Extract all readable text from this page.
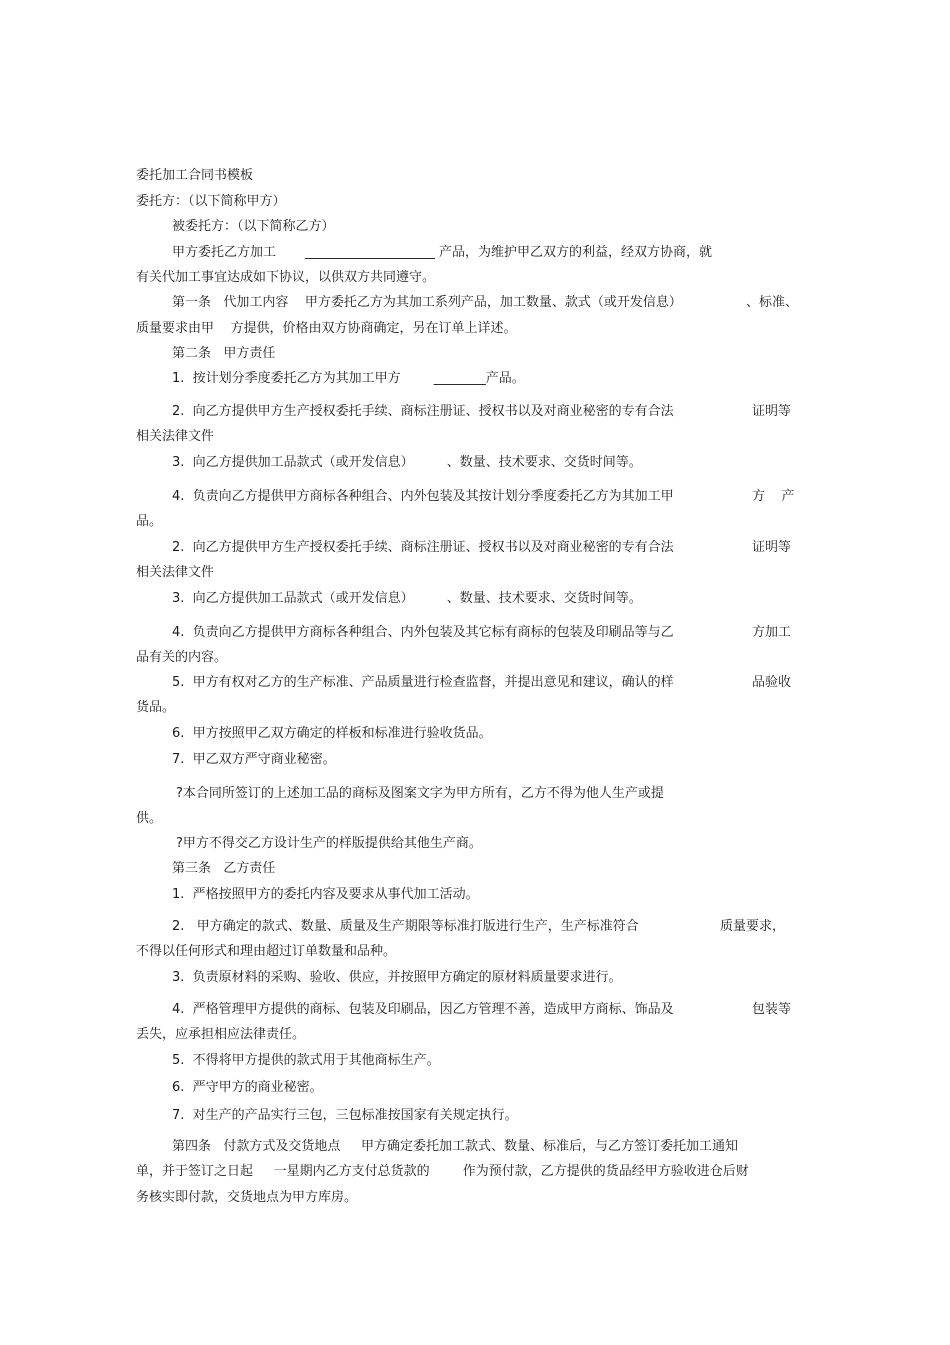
委托加工合同书模板
委托方：（以下简称甲方）
被委托方：（以下简称乙方）
甲方委托乙方加工       ____________________ 产品，为维护甲乙双方的利益，经双方协商，就
有关代加工事宜达成如下协议，以供双方共同遵守。
第一条   代加工内容    甲方委托乙方为其加工系列产品，加工数量、款式（或开发信息）	、标准、
质量要求由甲    方提供，价格由双方协商确定，另在订单上详述。
第二条   甲方责任
1.  按计划分季度委托乙方为其加工甲方        ________产品。
2.  向乙方提供甲方生产授权委托手续、商标注册证、授权书以及对商业秘密的专有合法	证明等
相关法律文件
3.  向乙方提供加工品款式（或开发信息）        、数量、技术要求、交货时间等。
4.  负责向乙方提供甲方商标各种组合、内外包装及其按计划分季度委托乙方为其加工甲	方    产
品。
2.  向乙方提供甲方生产授权委托手续、商标注册证、授权书以及对商业秘密的专有合法	证明等
相关法律文件
3.  向乙方提供加工品款式（或开发信息）        、数量、技术要求、交货时间等。
4.  负责向乙方提供甲方商标各种组合、内外包装及其它标有商标的包装及印刷品等与乙	方加工
品有关的内容。
5.  甲方有权对乙方的生产标准、产品质量进行检查监督，并提出意见和建议，确认的样	品验收
货品。
6.  甲方按照甲乙双方确定的样板和标准进行验收货品。
7.  甲乙双方严守商业秘密。
?本合同所签订的上述加工品的商标及图案文字为甲方所有，乙方不得为他人生产或提
供。
?甲方不得交乙方设计生产的样版提供给其他生产商。
第三条   乙方责任
1.  严格按照甲方的委托内容及要求从事代加工活动。
2.   甲方确定的款式、数量、质量及生产期限等标准打版进行生产，生产标准符合	质量要求，
不得以任何形式和理由超过订单数量和品种。
3.  负责原材料的采购、验收、供应，并按照甲方确定的原材料质量要求进行。
4.  严格管理甲方提供的商标、包装及印刷品，因乙方管理不善，造成甲方商标、饰品及	包装等
丢失，应承担相应法律责任。
5.  不得将甲方提供的款式用于其他商标生产。
6.  严守甲方的商业秘密。
7.  对生产的产品实行三包，三包标准按国家有关规定执行。
第四条   付款方式及交货地点     甲方确定委托加工款式、数量、标准后，与乙方签订委托加工通知
单，并于签订之日起     一星期内乙方支付总货款的        作为预付款，乙方提供的货品经甲方验收进仓后财
务核实即付款，交货地点为甲方库房。
